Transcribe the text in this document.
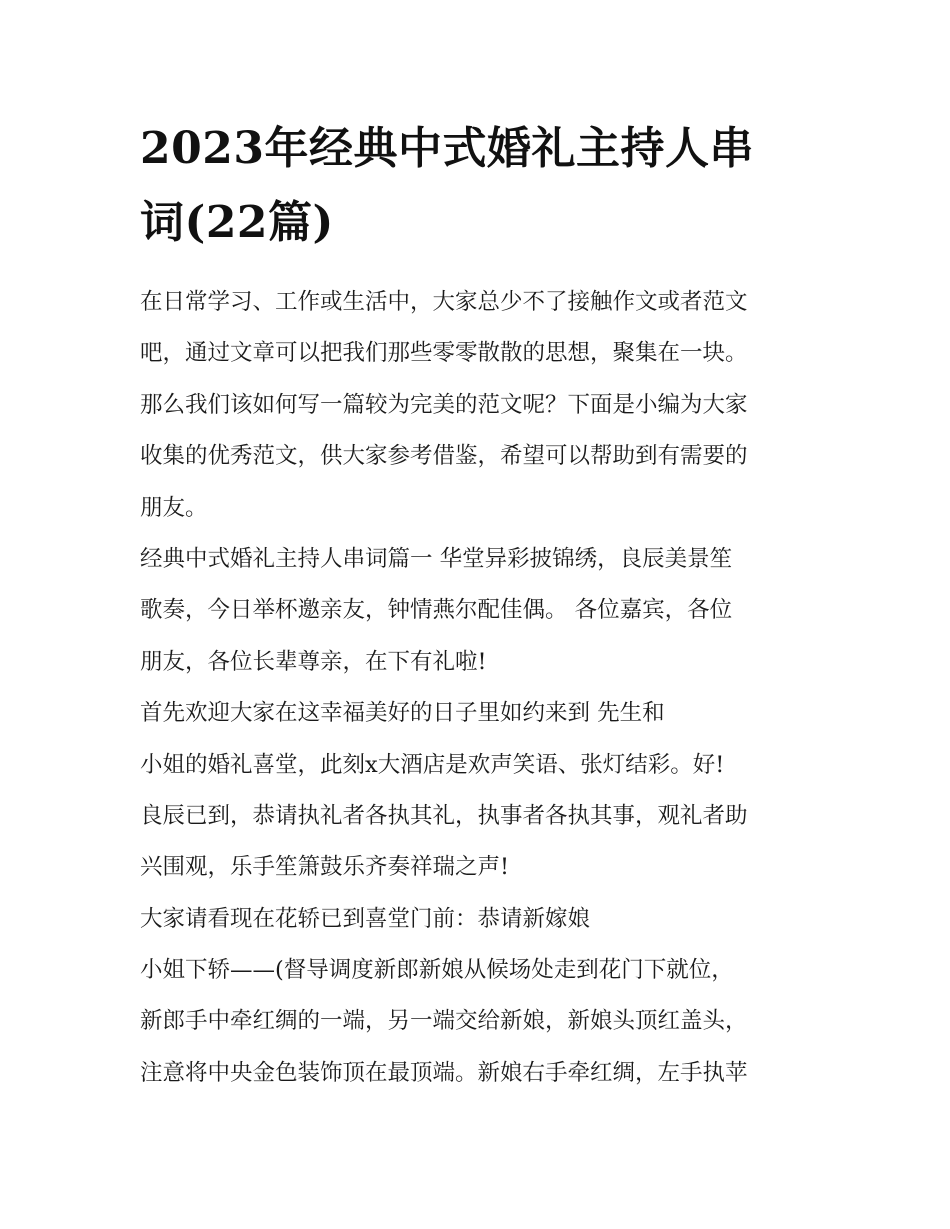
2023年经典中式婚礼主持人串
词(22篇)
在日常学习、工作或生活中，大家总少不了接触作文或者范文
吧，通过文章可以把我们那些零零散散的思想，聚集在一块。
那么我们该如何写一篇较为完美的范文呢？下面是小编为大家
收集的优秀范文，供大家参考借鉴，希望可以帮助到有需要的
朋友。
经典中式婚礼主持人串词篇一 华堂异彩披锦绣，良辰美景笙
歌奏，今日举杯邀亲友，钟情燕尔配佳偶。 各位嘉宾，各位
朋友，各位长辈尊亲，在下有礼啦!
首先欢迎大家在这幸福美好的日子里如约来到 先生和
小姐的婚礼喜堂，此刻x大酒店是欢声笑语、张灯结彩。好!
良辰已到，恭请执礼者各执其礼，执事者各执其事，观礼者助
兴围观，乐手笙箫鼓乐齐奏祥瑞之声!
大家请看现在花轿已到喜堂门前：恭请新嫁娘
小姐下轿——(督导调度新郎新娘从候场处走到花门下就位，
新郎手中牵红绸的一端，另一端交给新娘，新娘头顶红盖头，
注意将中央金色装饰顶在最顶端。新娘右手牵红绸，左手执苹
